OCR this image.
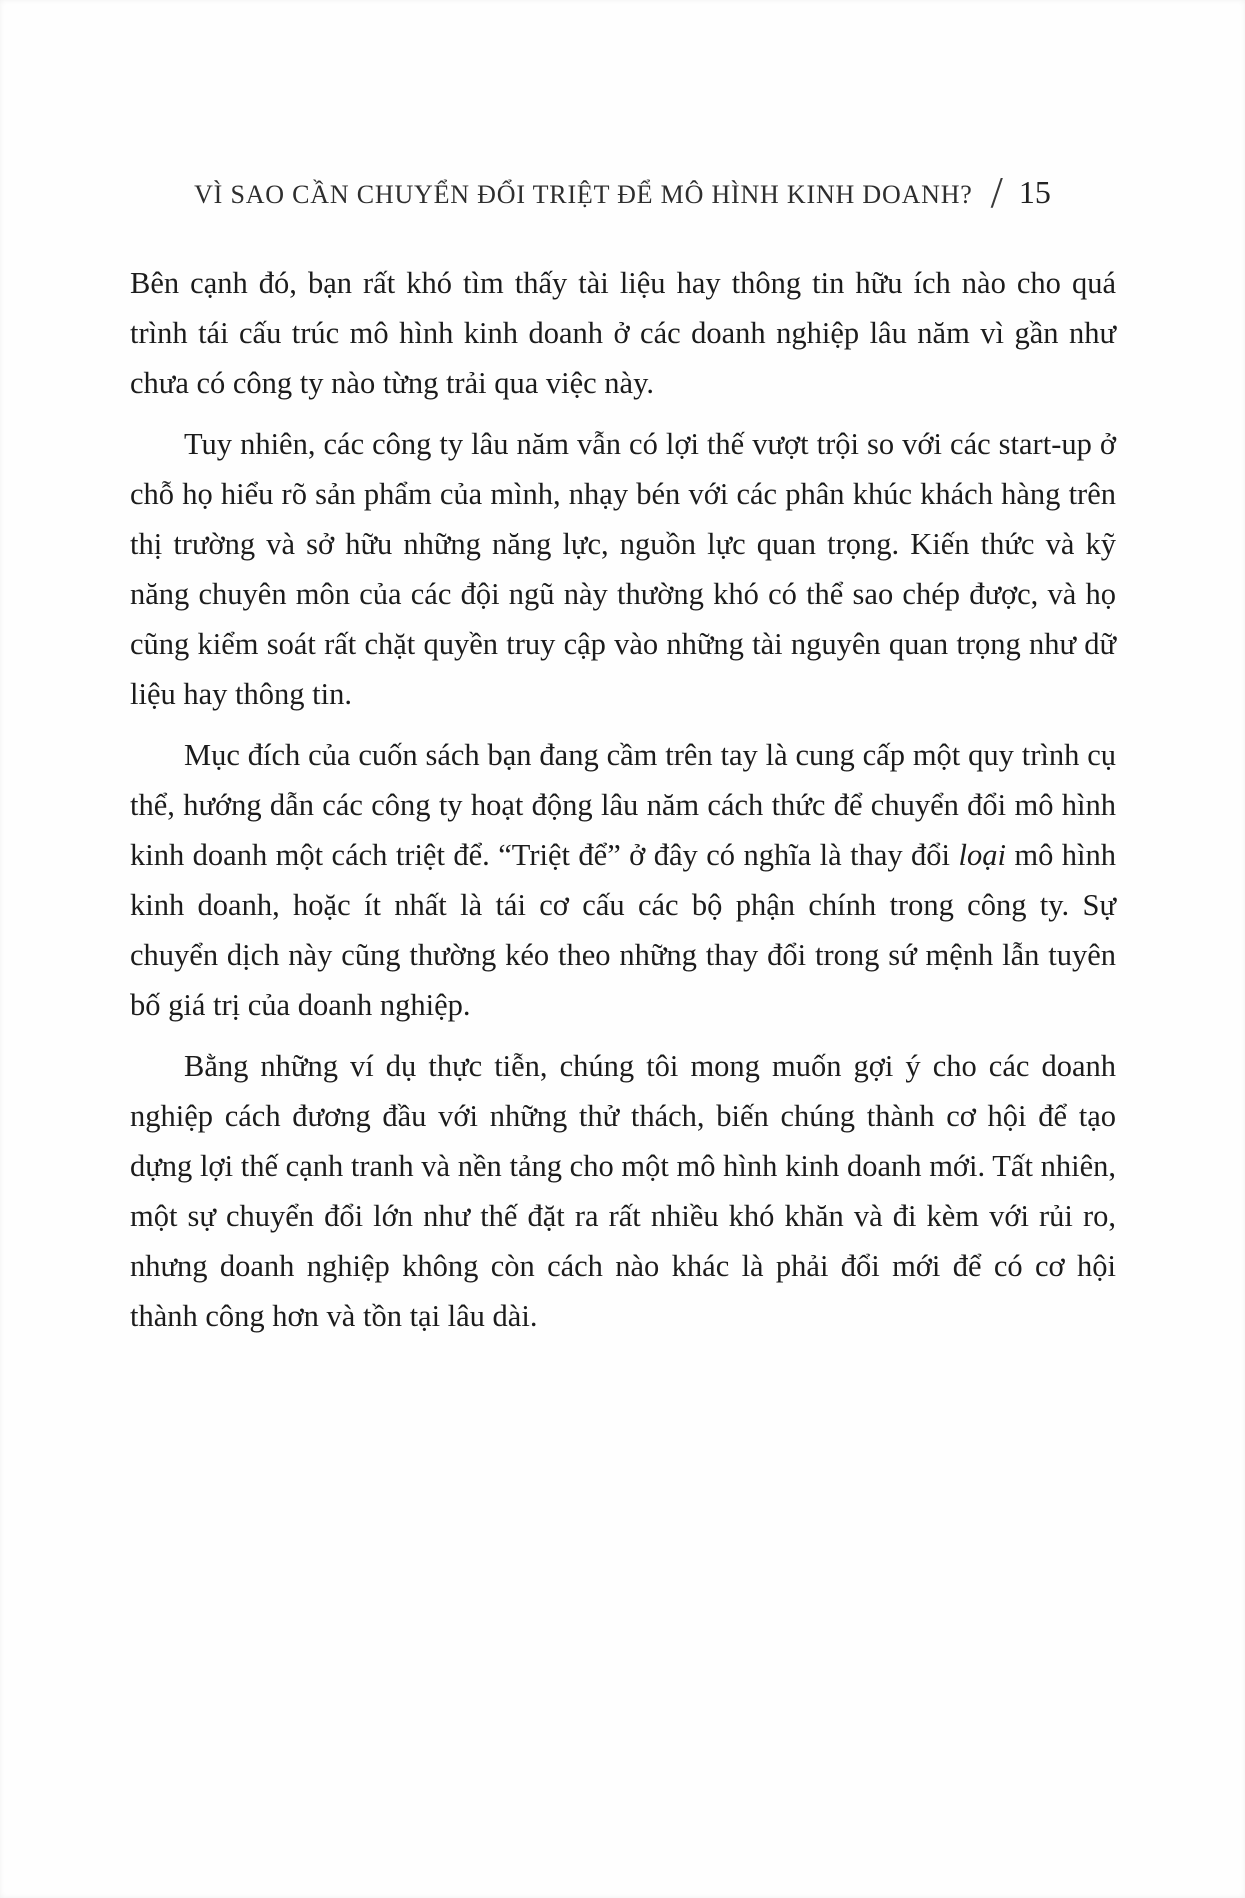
VÌ SAO CẦN CHUYỂN ĐỔI TRIỆT ĐỂ MÔ HÌNH KINH DOANH? / 15

Bên cạnh đó, bạn rất khó tìm thấy tài liệu hay thông tin hữu ích nào cho quá trình tái cấu trúc mô hình kinh doanh ở các doanh nghiệp lâu năm vì gần như chưa có công ty nào từng trải qua việc này.

Tuy nhiên, các công ty lâu năm vẫn có lợi thế vượt trội so với các start-up ở chỗ họ hiểu rõ sản phẩm của mình, nhạy bén với các phân khúc khách hàng trên thị trường và sở hữu những năng lực, nguồn lực quan trọng. Kiến thức và kỹ năng chuyên môn của các đội ngũ này thường khó có thể sao chép được, và họ cũng kiểm soát rất chặt quyền truy cập vào những tài nguyên quan trọng như dữ liệu hay thông tin.

Mục đích của cuốn sách bạn đang cầm trên tay là cung cấp một quy trình cụ thể, hướng dẫn các công ty hoạt động lâu năm cách thức để chuyển đổi mô hình kinh doanh một cách triệt để. “Triệt để” ở đây có nghĩa là thay đổi loại mô hình kinh doanh, hoặc ít nhất là tái cơ cấu các bộ phận chính trong công ty. Sự chuyển dịch này cũng thường kéo theo những thay đổi trong sứ mệnh lẫn tuyên bố giá trị của doanh nghiệp.

Bằng những ví dụ thực tiễn, chúng tôi mong muốn gợi ý cho các doanh nghiệp cách đương đầu với những thử thách, biến chúng thành cơ hội để tạo dựng lợi thế cạnh tranh và nền tảng cho một mô hình kinh doanh mới. Tất nhiên, một sự chuyển đổi lớn như thế đặt ra rất nhiều khó khăn và đi kèm với rủi ro, nhưng doanh nghiệp không còn cách nào khác là phải đổi mới để có cơ hội thành công hơn và tồn tại lâu dài.
